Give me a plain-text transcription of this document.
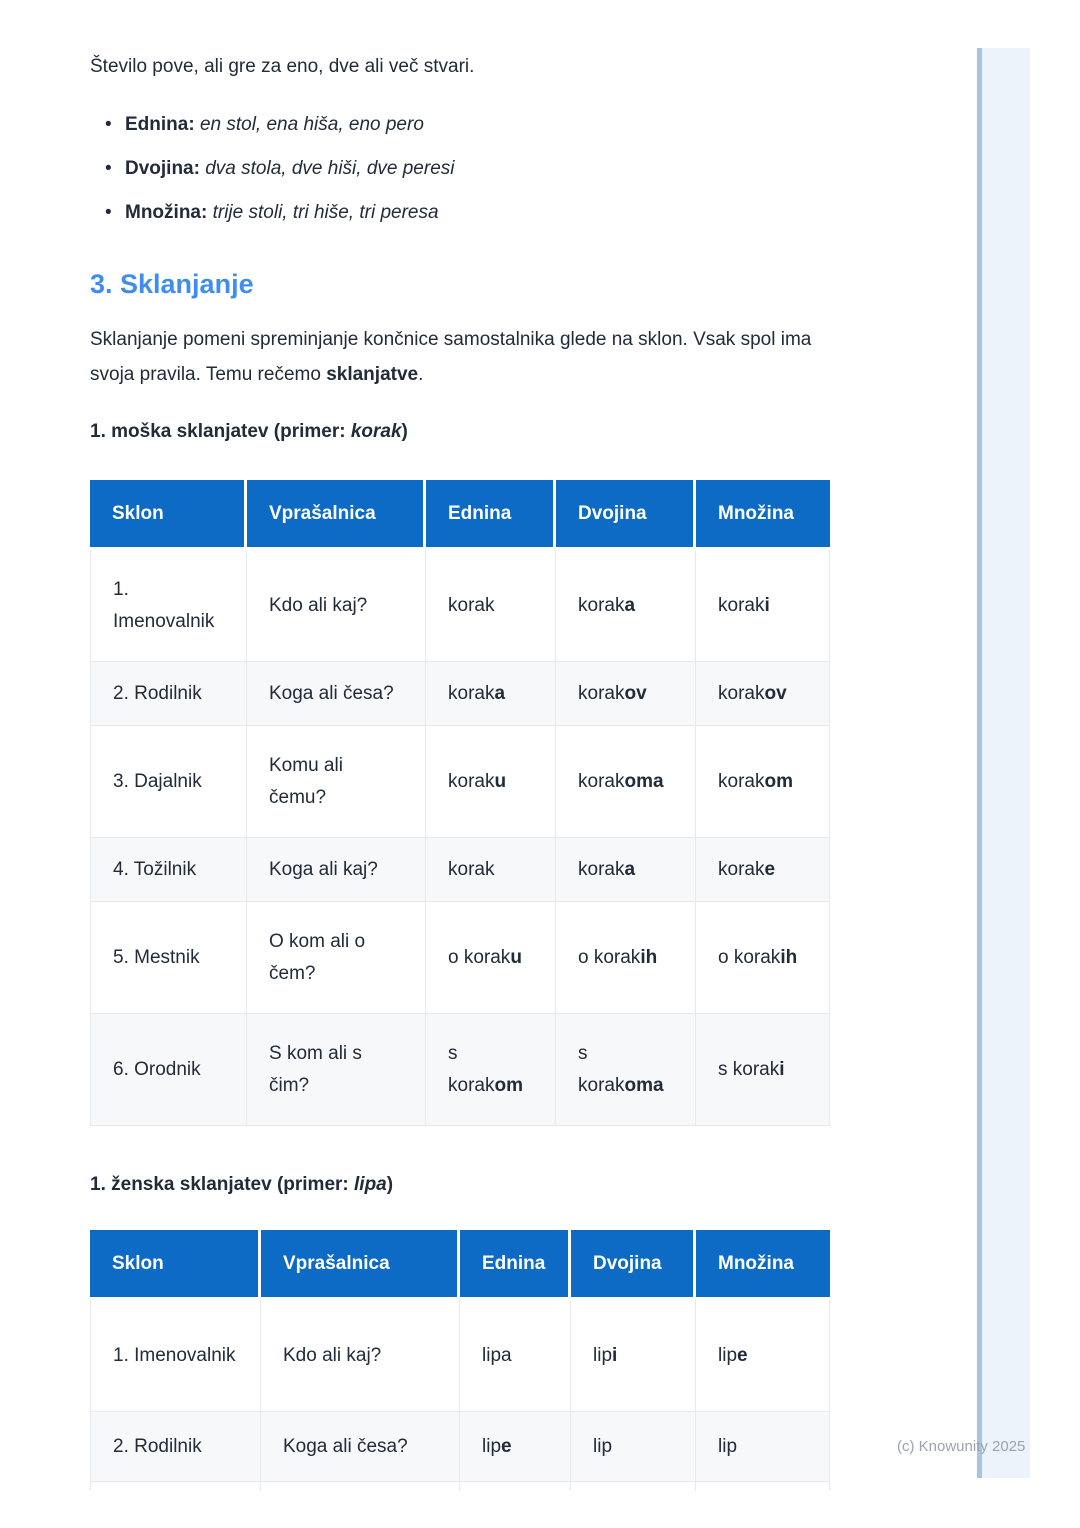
Število pove, ali gre za eno, dve ali več stvari.

• Ednina: en stol, ena hiša, eno pero
• Dvojina: dva stola, dve hiši, dve peresi
• Množina: trije stoli, tri hiše, tri peresa
3. Sklanjanje

Sklanjanje pomeni spreminjanje končnice samostalnika glede na sklon. Vsak spol ima svoja pravila. Temu rečemo sklanjatve.

1. moška sklanjatev (primer: korak)

Sklon	Vprašalnica	Ednina	Dvojina	Množina
1. Imenovalnik	Kdo ali kaj?	korak	koraka	koraki
2. Rodilnik	Koga ali česa?	koraka	korakov	korakov
3. Dajalnik	Komu ali čemu?	koraku	korakoma	korakom
4. Tožilnik	Koga ali kaj?	korak	koraka	korake
5. Mestnik	O kom ali o čem?	o koraku	o korakih	o korakih
6. Orodnik	S kom ali s čim?	s korakom	s korakoma	s koraki

1. ženska sklanjatev (primer: lipa)

Sklon	Vprašalnica	Ednina	Dvojina	Množina
1. Imenovalnik	Kdo ali kaj?	lipa	lipi	lipe
2. Rodilnik	Koga ali česa?	lipe	lip	lip
					(c) Knowunity 2025
